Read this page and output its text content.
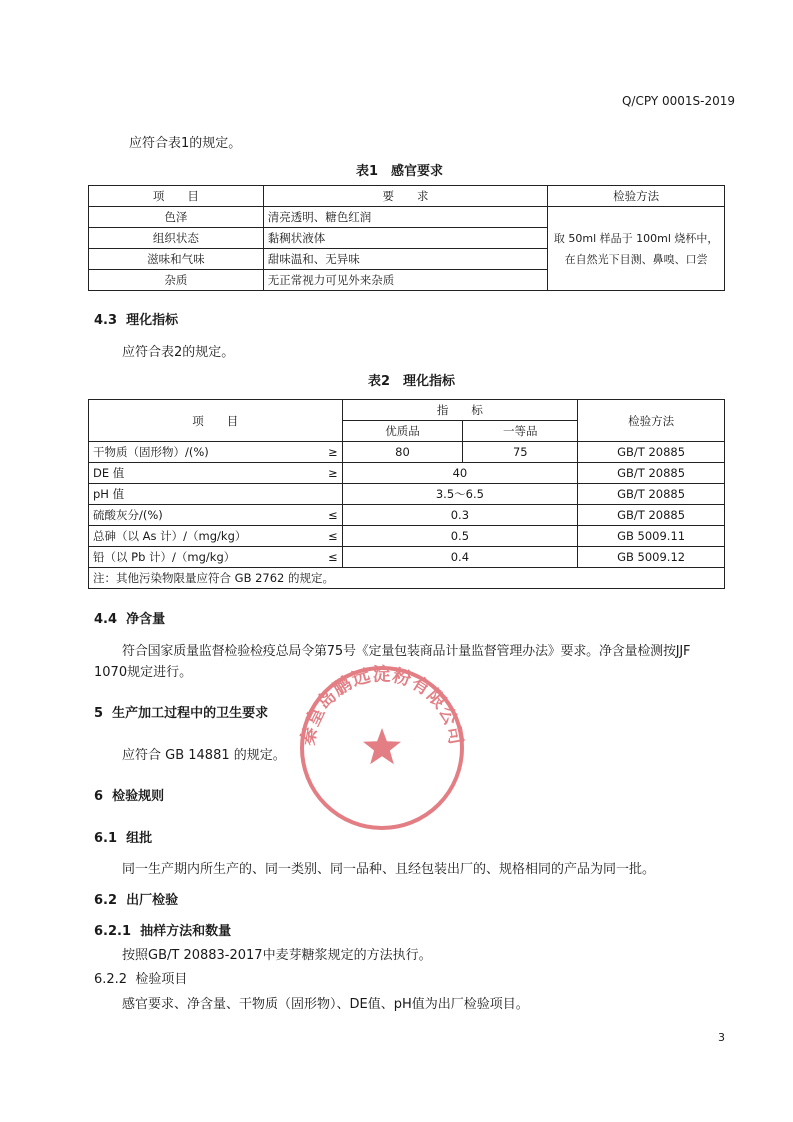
Q/CPY 0001S-2019
应符合表1的规定。
表1　感官要求
项　　目	要　　求	检验方法
色泽	清亮透明、糖色红润	取 50ml 样品于 100ml 烧杯中，
在自然光下目测、鼻嗅、口尝

组织状态	黏稠状液体	
滋味和气味	甜味温和、无异味	
杂质	无正常视力可见外来杂质	
4.3 理化指标
应符合表2的规定。
表2　理化指标
项　　目	指　　标		检验方法
	优质品	一等品	
干物质（固形物）/(%) ≥	80	75	GB/T 20885
DE 值 ≥	40		GB/T 20885
pH 值	3.5～6.5		GB/T 20885
硫酸灰分/(%) ≤	0.3		GB/T 20885
总砷（以 As 计）/（mg/kg） ≤	0.5		GB 5009.11
铅（以 Pb 计）/（mg/kg） ≤	0.4		GB 5009.12
注：其他污染物限量应符合 GB 2762 的规定。			
4.4 净含量
符合国家质量监督检验检疫总局令第75号《定量包装商品计量监督管理办法》要求。净含量检测按JJF
1070规定进行。
5 生产加工过程中的卫生要求
应符合 GB 14881 的规定。
6 检验规则
6.1 组批
同一生产期内所生产的、同一类别、同一品种、且经包装出厂的、规格相同的产品为同一批。
6.2 出厂检验
6.2.1 抽样方法和数量
按照GB/T 20883-2017中麦芽糖浆规定的方法执行。
6.2.2 检验项目
感官要求、净含量、干物质（固形物）、DE值、pH值为出厂检验项目。
秦皇岛鹏远淀粉有限公司
3
